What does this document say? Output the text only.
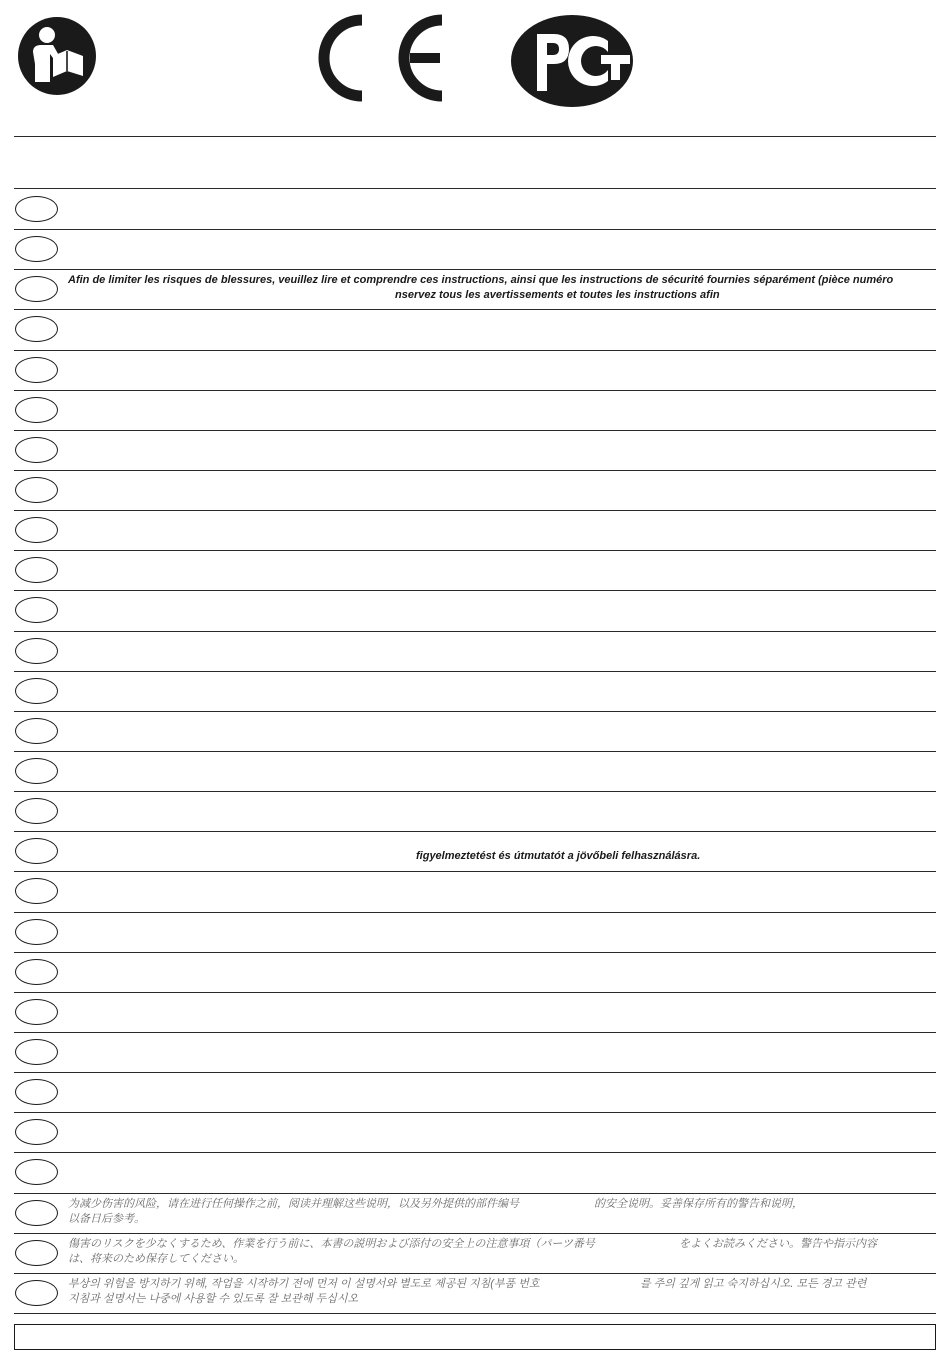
Afin de limiter les risques de blessures, veuillez lire et comprendre ces instructions, ainsi que les instructions de sécurité fournies séparément (pièce numéro
nservez tous les avertissements et toutes les instructions afin
figyelmeztetést és útmutatót a jövőbeli felhasználásra.
为减少伤害的风险，请在进行任何操作之前，阅读并理解这些说明，以及另外提供的部件编号
以备日后参考。
的安全说明。妥善保存所有的警告和说明，
傷害のリスクを少なくするため、作業を行う前に、本書の説明および添付の安全上の注意事項（パーツ番号
は、将来のため保存してください。
をよくお読みください。警告や指示内容
부상의 위험을 방지하기 위해, 작업을 시작하기 전에 먼저 이 설명서와 별도로 제공된 지침(부품 번호
지침과 설명서는 나중에 사용할 수 있도록 잘 보관해 두십시오
를 주의 깊게 읽고 숙지하십시오. 모든 경고 관련
